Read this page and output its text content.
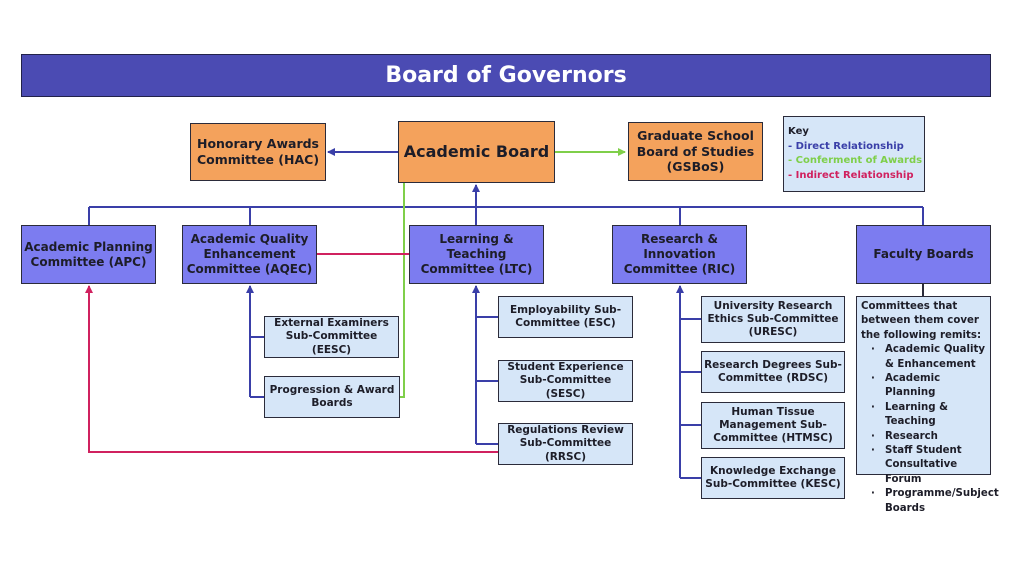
Board of Governors
Honorary Awards Committee (HAC)	Academic Board
Graduate School Board of Studies (GSBoS)
Key
- Direct Relationship
- Conferment of Awards
- Indirect Relationship
Academic Planning Committee (APC)
Academic Quality Enhancement Committee (AQEC)
Learning & Teaching Committee (LTC)
Research & Innovation Committee (RIC)
Faculty Boards
External Examiners Sub-Committee (EESC)
Progression & Award Boards
Employability Sub-Committee (ESC)
Student Experience Sub-Committee (SESC)
Regulations Review Sub-Committee (RRSC)
University Research Ethics Sub-Committee (URESC)
Research Degrees Sub-Committee (RDSC)
Human Tissue Management Sub-Committee (HTMSC)
Knowledge Exchange Sub-Committee (KESC)
Committees that between them cover the following remits:
· Academic Quality & Enhancement
· Academic Planning
· Learning & Teaching
· Research
· Staff Student Consultative Forum
· Programme/Subject Boards
